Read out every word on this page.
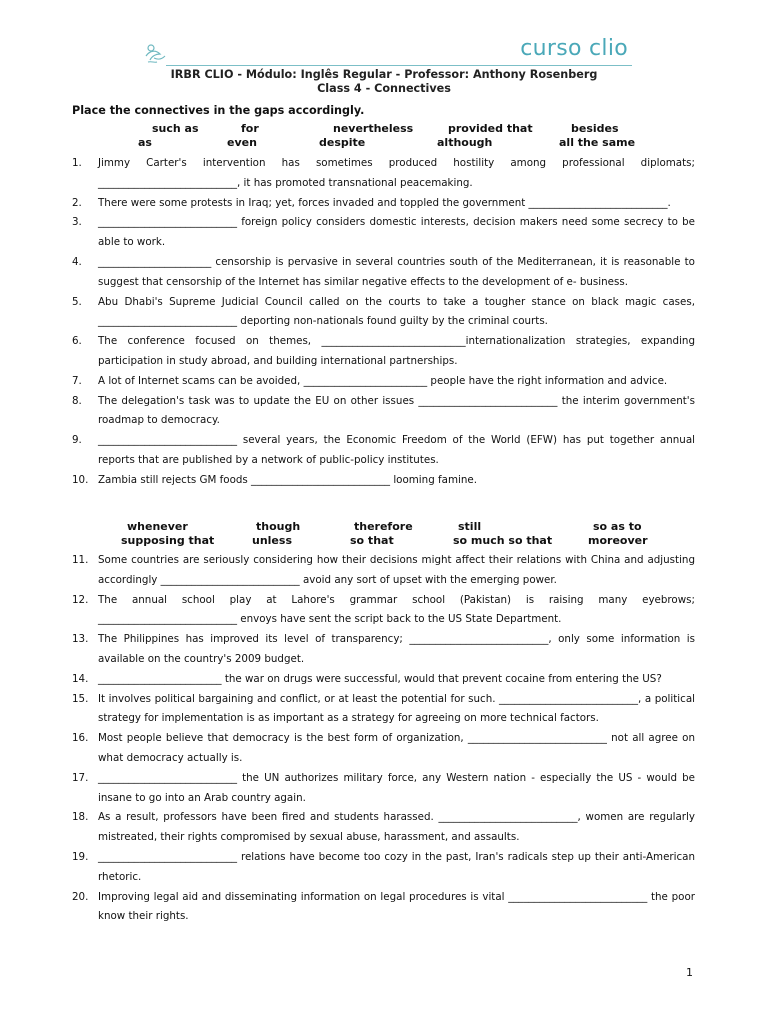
curso clio
IRBR CLIO - Módulo: Inglês Regular - Professor: Anthony Rosenberg
Class 4 - Connectives
Place the connectives in the gaps accordingly.
such as	for	nevertheless	provided that	besides
as	even	despite	although	all the same
1. Jimmy Carter's intervention has sometimes produced hostility among professional diplomats; ___________________________, it has promoted transnational peacemaking.
2. There were some protests in Iraq; yet, forces invaded and toppled the government ___________________________.
3. ___________________________ foreign policy considers domestic interests, decision makers need some secrecy to be able to work.
4. ______________________ censorship is pervasive in several countries south of the Mediterranean, it is reasonable to suggest that censorship of the Internet has similar negative effects to the development of e- business.
5. Abu Dhabi's Supreme Judicial Council called on the courts to take a tougher stance on black magic cases, ___________________________ deporting non-nationals found guilty by the criminal courts.
6. The conference focused on themes, ____________________________internationalization strategies, expanding participation in study abroad, and building international partnerships.
7. A lot of Internet scams can be avoided, ________________________ people have the right information and advice.
8. The delegation's task was to update the EU on other issues ___________________________ the interim government's roadmap to democracy.
9. ___________________________ several years, the Economic Freedom of the World (EFW) has put together annual reports that are published by a network of public-policy institutes.
10. Zambia still rejects GM foods ___________________________ looming famine.
whenever	though	therefore	still	so as to
supposing that	unless	so that	so much so that	moreover
11. Some countries are seriously considering how their decisions might affect their relations with China and adjusting accordingly ___________________________ avoid any sort of upset with the emerging power.
12. The annual school play at Lahore's grammar school (Pakistan) is raising many eyebrows; ___________________________ envoys have sent the script back to the US State Department.
13. The Philippines has improved its level of transparency; ___________________________, only some information is available on the country's 2009 budget.
14. ________________________ the war on drugs were successful, would that prevent cocaine from entering the US?
15. It involves political bargaining and conflict, or at least the potential for such. ___________________________, a political strategy for implementation is as important as a strategy for agreeing on more technical factors.
16. Most people believe that democracy is the best form of organization, ___________________________ not all agree on what democracy actually is.
17. ___________________________ the UN authorizes military force, any Western nation - especially the US - would be insane to go into an Arab country again.
18. As a result, professors have been fired and students harassed. ___________________________, women are regularly mistreated, their rights compromised by sexual abuse, harassment, and assaults.
19. ___________________________ relations have become too cozy in the past, Iran's radicals step up their anti-American rhetoric.
20. Improving legal aid and disseminating information on legal procedures is vital ___________________________ the poor know their rights.
1
